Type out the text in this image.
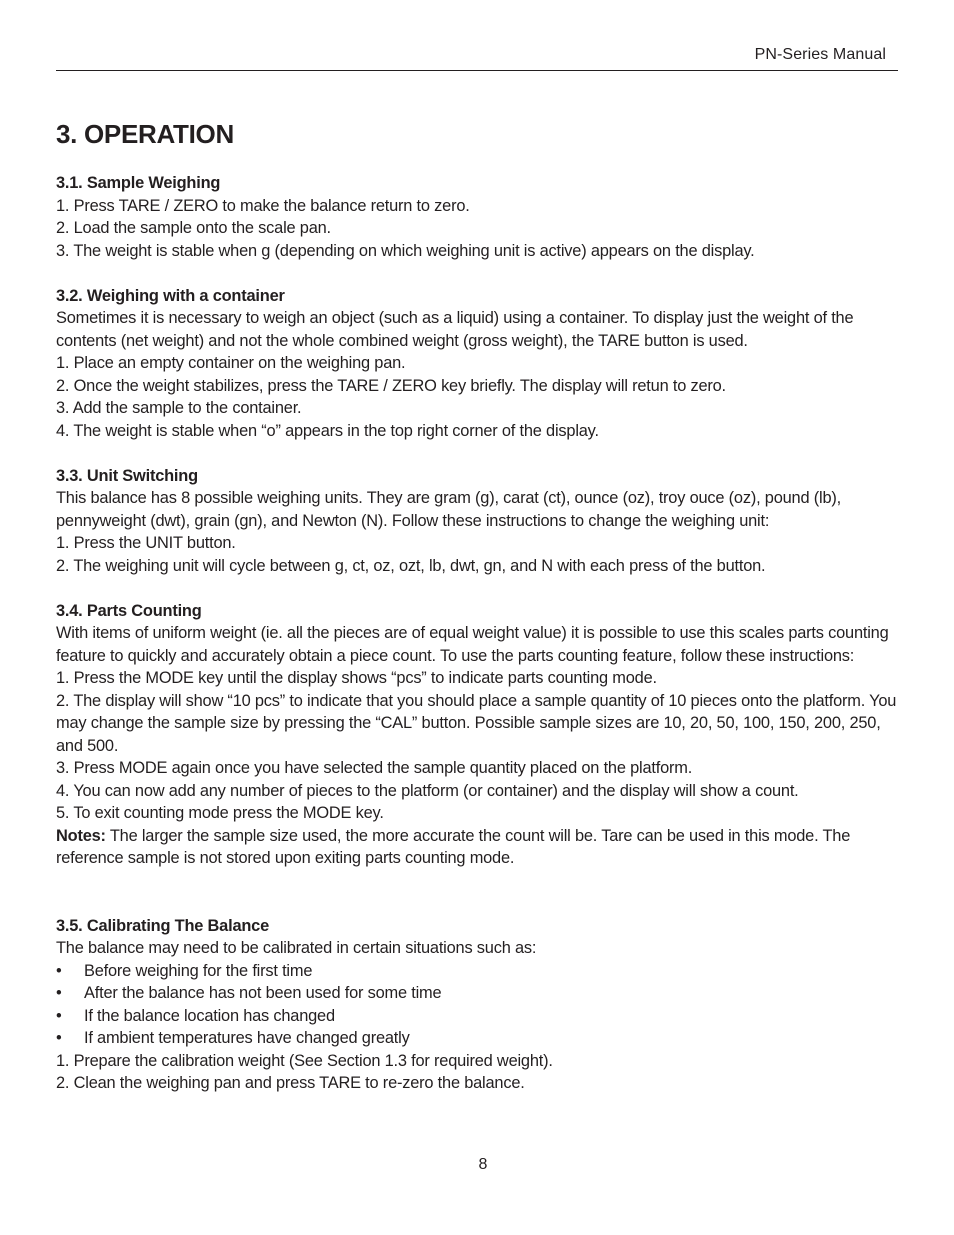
PN-Series Manual
3. OPERATION
3.1. Sample Weighing
1. Press TARE / ZERO to make the balance return to zero.
2. Load the sample onto the scale pan.
3. The weight is stable when g (depending on which weighing unit is active) appears on the display.
3.2. Weighing with a container
Sometimes it is necessary to weigh an object (such as a liquid) using a container. To display just the weight of the contents (net weight) and not the whole combined weight (gross weight), the TARE button is used.
1. Place an empty container on the weighing pan.
2. Once the weight stabilizes, press the TARE / ZERO key briefly. The display will retun to zero.
3. Add the sample to the container.
4. The weight is stable when “o” appears in the top right corner of the display.
3.3. Unit Switching
This balance has 8 possible weighing units. They are gram (g), carat (ct), ounce (oz), troy ouce (oz), pound (lb), pennyweight (dwt), grain (gn), and Newton (N). Follow these instructions to change the weighing unit:
1. Press the UNIT button.
2. The weighing unit will cycle between g, ct, oz, ozt, lb, dwt, gn, and N with each press of the button.
3.4. Parts Counting
With items of uniform weight (ie. all the pieces are of equal weight value) it is possible to use this scales parts counting feature to quickly and accurately obtain a piece count. To use the parts counting feature, follow these instructions:
1. Press the MODE key until the display shows “pcs” to indicate parts counting mode.
2. The display will show “10 pcs” to indicate that you should place a sample quantity of 10 pieces onto the platform. You may change the sample size by pressing the “CAL” button. Possible sample sizes are 10, 20, 50, 100, 150, 200, 250, and 500.
3. Press MODE again once you have selected the sample quantity placed on the platform.
4. You can now add any number of pieces to the platform (or container) and the display will show a count.
5. To exit counting mode press the MODE key.
Notes: The larger the sample size used, the more accurate the count will be. Tare can be used in this mode. The reference sample is not stored upon exiting parts counting mode.
3.5. Calibrating The Balance
The balance may need to be calibrated in certain situations such as:
• Before weighing for the first time
• After the balance has not been used for some time
• If the balance location has changed
• If ambient temperatures have changed greatly
1. Prepare the calibration weight (See Section 1.3 for required weight).
2. Clean the weighing pan and press TARE to re-zero the balance.
8
